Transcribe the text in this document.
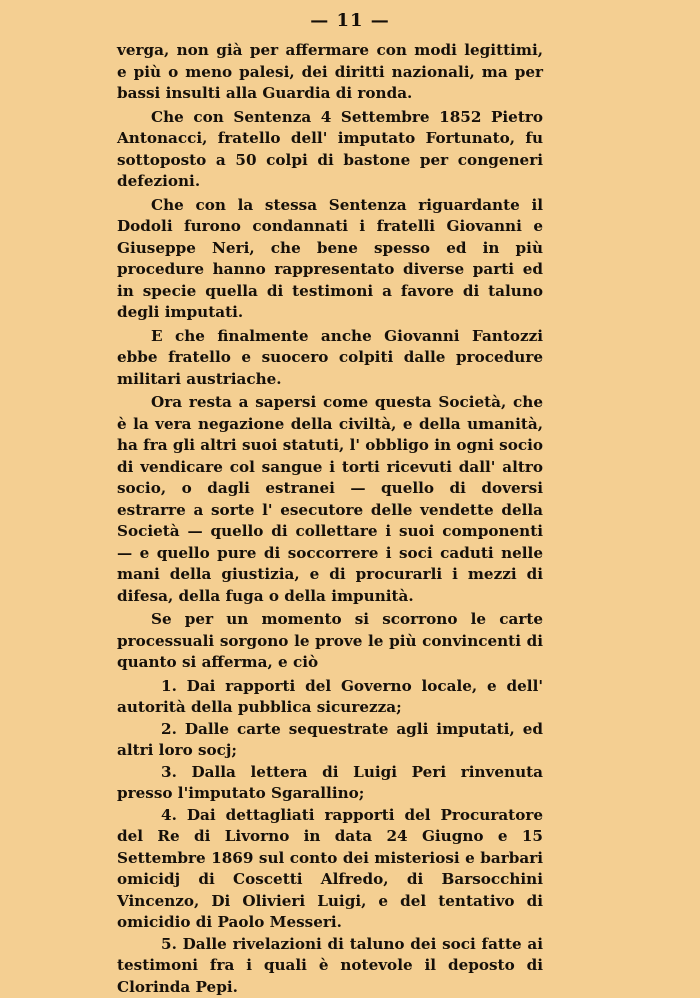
— 11 —

verga, non già per affermare con modi legittimi, e più o meno palesi, dei diritti nazionali, ma per bassi insulti alla Guardia di ronda.

Che con Sentenza 4 Settembre 1852 Pietro Antonacci, fratello dell' imputato Fortunato, fu sottoposto a 50 colpi di bastone per congeneri defezioni.

Che con la stessa Sentenza riguardante il Dodoli furono condannati i fratelli Giovanni e Giuseppe Neri, che bene spesso ed in più procedure hanno rappresentato diverse parti ed in specie quella di testimoni a favore di taluno degli imputati.

E che finalmente anche Giovanni Fantozzi ebbe fratello e suocero colpiti dalle procedure militari austriache.

Ora resta a sapersi come questa Società, che è la vera negazione della civiltà, e della umanità, ha fra gli altri suoi statuti, l' obbligo in ogni socio di vendicare col sangue i torti ricevuti dall' altro socio, o dagli estranei — quello di doversi estrarre a sorte l' esecutore delle vendette della Società — quello di collettare i suoi componenti — e quello pure di soccorrere i soci caduti nelle mani della giustizia, e di procurarli i mezzi di difesa, della fuga o della impunità.

Se per un momento si scorrono le carte processuali sorgono le prove le più convincenti di quanto si afferma, e ciò

1. Dai rapporti del Governo locale, e dell' autorità della pubblica sicurezza;

2. Dalle carte sequestrate agli imputati, ed altri loro socj;

3. Dalla lettera di Luigi Peri rinvenuta presso l'imputato Sgarallino;

4. Dai dettagliati rapporti del Procuratore del Re di Livorno in data 24 Giugno e 15 Settembre 1869 sul conto dei misteriosi e barbari omicidj di Coscetti Alfredo, di Barsocchini Vincenzo, Di Olivieri Luigi, e del tentativo di omicidio di Paolo Messeri.

5. Dalle rivelazioni di taluno dei soci fatte ai testimoni fra i quali è notevole il deposto di Clorinda Pepi.
